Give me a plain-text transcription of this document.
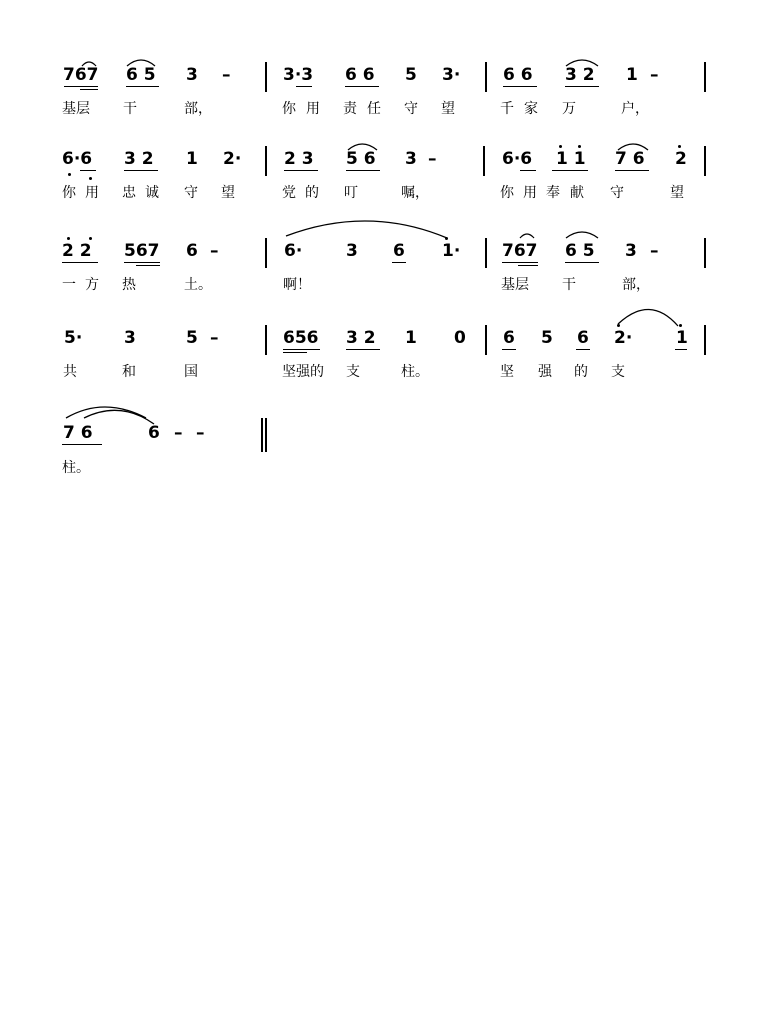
767 6 5 3 –	3·3 6 6 5 3·	6 6 3 2 1 –
基层 干	部，	你 用 责 任 守 望	千 家 万	户，
6·6 3 2 1 2·	2 3 5 6 3 –	6·6 1 1 7 6 2
你 用 忠 诚 守 望	党 的 叮	嘱，	你 用 奉 献 守	望
2 2 567 6 –	6·	3 6 1· 767 6 5 3 –
一 方 热	土。	啊！	基层 干	部，
5· 3	5 –	656 3 2 1 0 6 5 6 2·	1
共	和	国	坚强的 支	柱。	坚 强 的 支
7 6	6 – –
柱。
